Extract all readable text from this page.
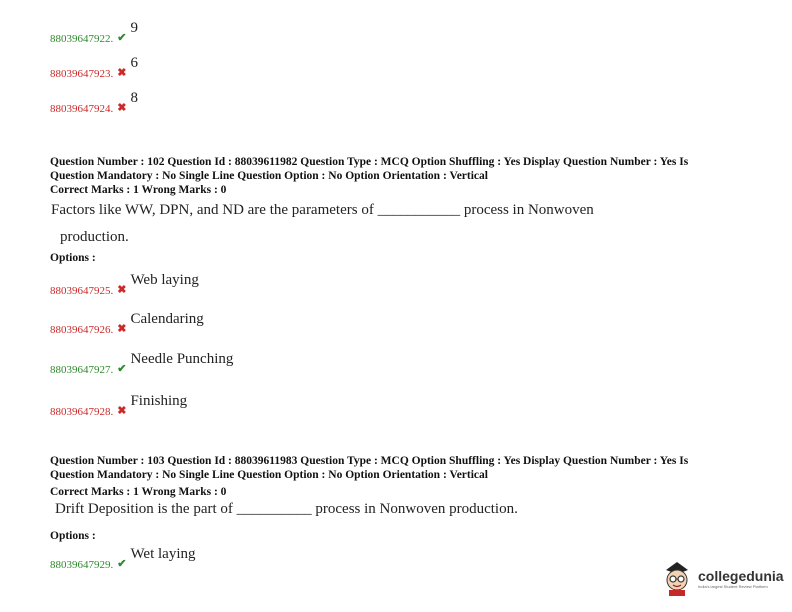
88039647922. ✔
9
88039647923. ✖
6
88039647924. ✖
8
Question Number : 102 Question Id : 88039611982 Question Type : MCQ Option Shuffling : Yes Display Question Number : Yes Is
Question Mandatory : No Single Line Question Option : No Option Orientation : Vertical
Correct Marks : 1 Wrong Marks : 0
Factors like WW, DPN, and ND are the parameters of ___________ process in Nonwoven
production.
Options :
88039647925. ✖
Web laying
88039647926. ✖
Calendaring
88039647927. ✔
Needle Punching
88039647928. ✖
Finishing
Question Number : 103 Question Id : 88039611983 Question Type : MCQ Option Shuffling : Yes Display Question Number : Yes Is
Question Mandatory : No Single Line Question Option : No Option Orientation : Vertical
Correct Marks : 1 Wrong Marks : 0
Drift Deposition is the part of __________ process in Nonwoven production.
Options :
88039647929. ✔
Wet laying
collegedunia
India's largest Student Review Platform
